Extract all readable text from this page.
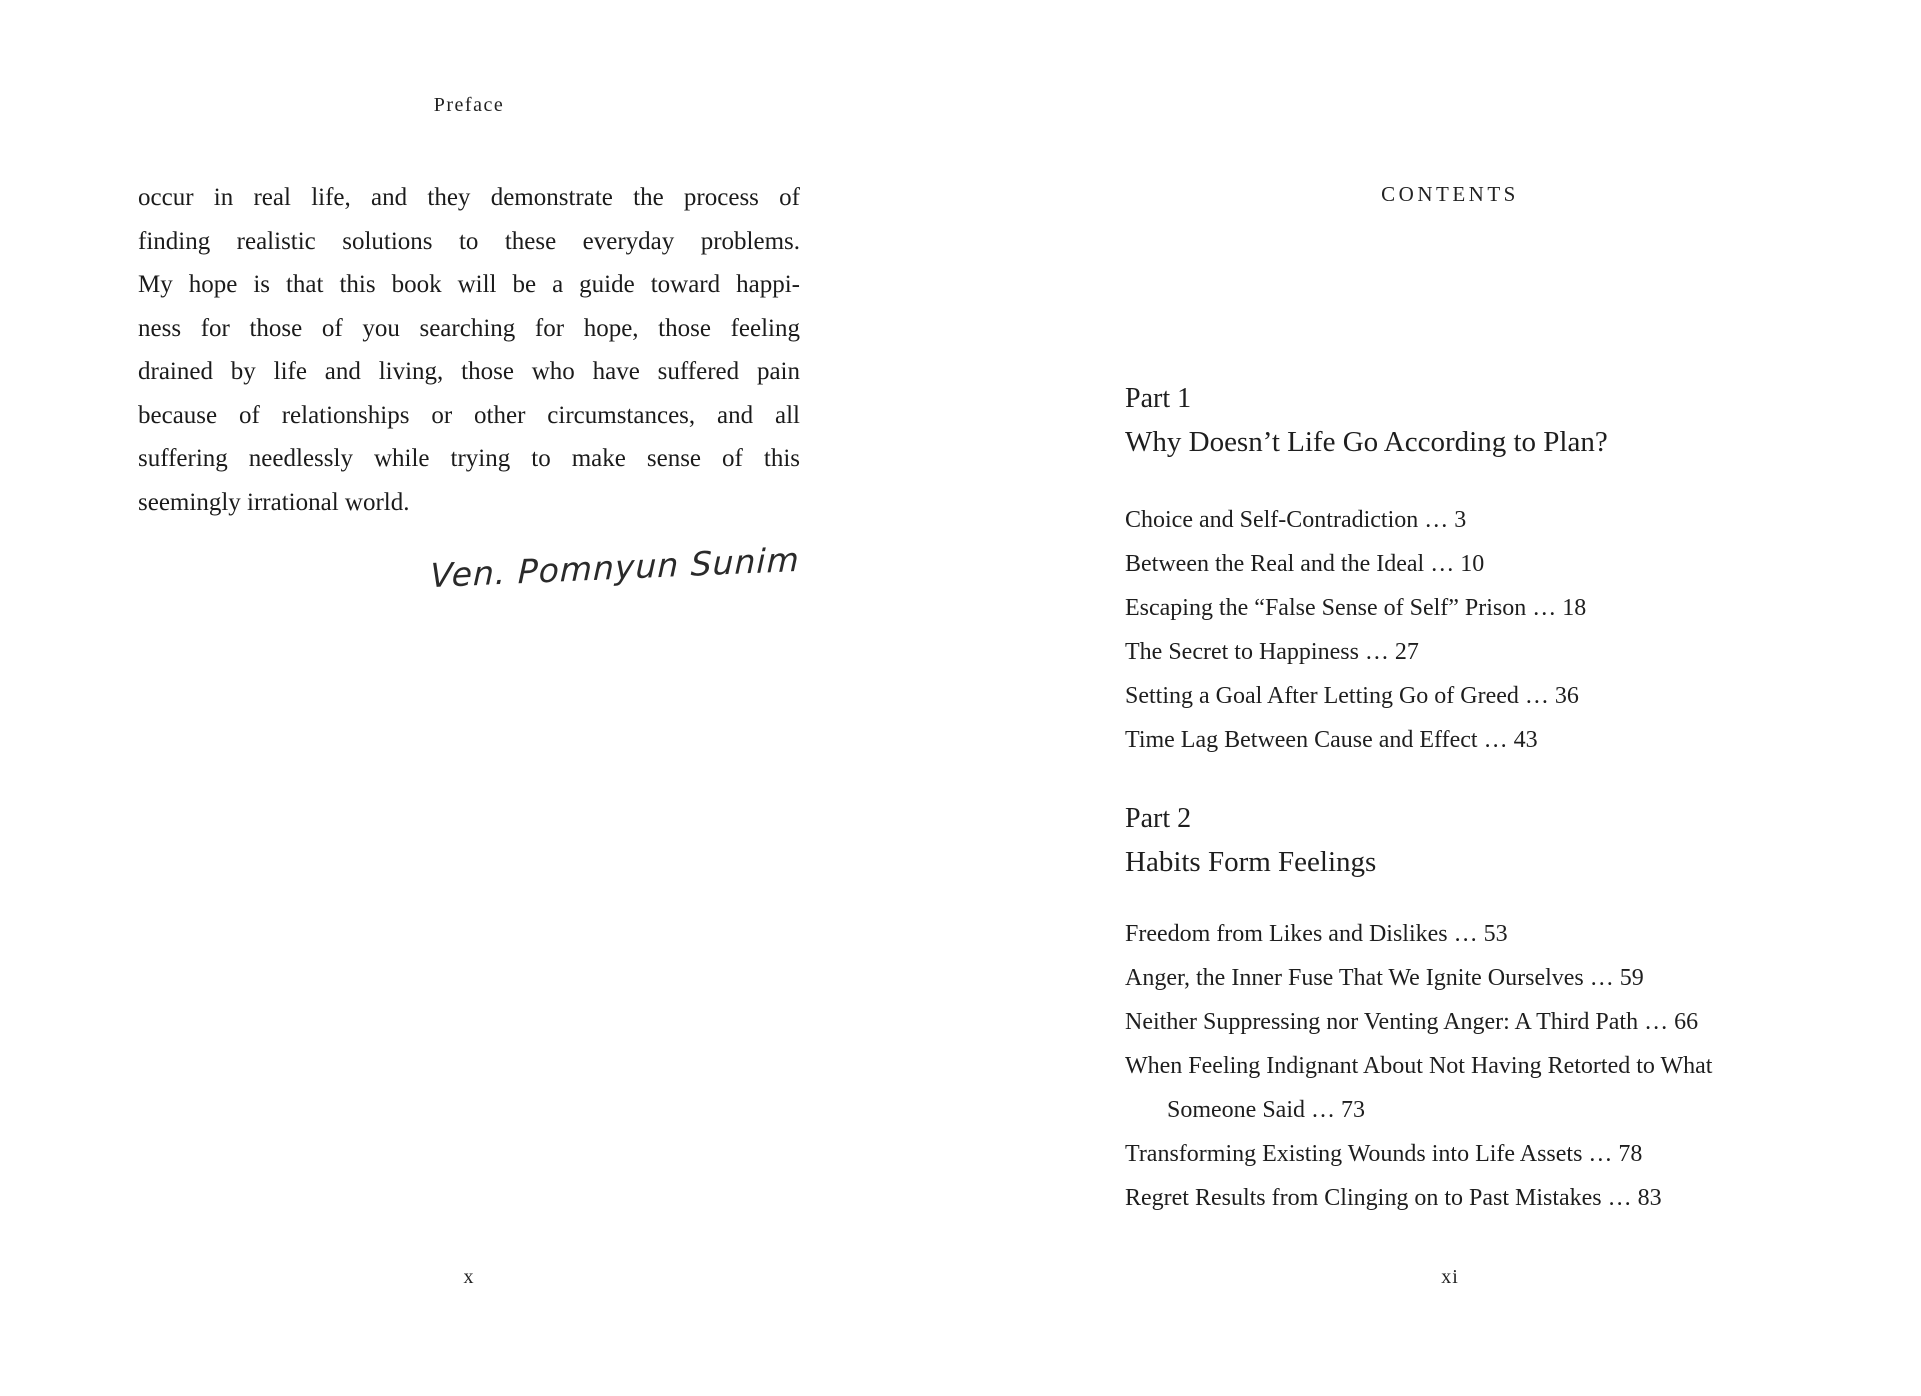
Preface
occur in real life, and they demonstrate the process of
finding realistic solutions to these everyday problems.
My hope is that this book will be a guide toward happi-
ness for those of you searching for hope, those feeling
drained by life and living, those who have suffered pain
because of relationships or other circumstances, and all
suffering needlessly while trying to make sense of this
seemingly irrational world.
Ven. Pomnyun Sunim
x
CONTENTS
Part 1
Why Doesn’t Life Go According to Plan?
Choice and Self-Contradiction … 3
Between the Real and the Ideal … 10
Escaping the “False Sense of Self” Prison … 18
The Secret to Happiness … 27
Setting a Goal After Letting Go of Greed … 36
Time Lag Between Cause and Effect … 43
Part 2
Habits Form Feelings
Freedom from Likes and Dislikes … 53
Anger, the Inner Fuse That We Ignite Ourselves … 59
Neither Suppressing nor Venting Anger: A Third Path … 66
When Feeling Indignant About Not Having Retorted to What
Someone Said … 73
Transforming Existing Wounds into Life Assets … 78
Regret Results from Clinging on to Past Mistakes … 83
xi
